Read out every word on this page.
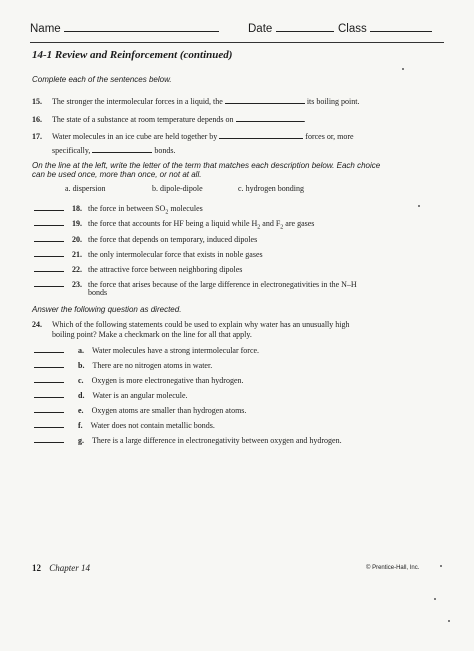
Name	Date	Class
14-1 Review and Reinforcement (continued)
Complete each of the sentences below.
15. The stronger the intermolecular forces in a liquid, the	its boiling point.
16. The state of a substance at room temperature depends on	.
17. Water molecules in an ice cube are held together by	forces or, more
specifically,	bonds.
On the line at the left, write the letter of the term that matches each description below. Each choice
can be used once, more than once, or not at all.
a. dispersion	b. dipole-dipole	c. hydrogen bonding
18. the force in between $SO_2$ molecules
19. the force that accounts for HF being a liquid while $H_2$ and $F_2$ are gases
20. the force that depends on temporary, induced dipoles
21. the only intermolecular force that exists in noble gases
22. the attractive force between neighboring dipoles
23. the force that arises because of the large difference in electronegativities in the N–H
bonds
Answer the following question as directed.
24. Which of the following statements could be used to explain why water has an unusually high
boiling point? Make a checkmark on the line for all that apply.
a. Water molecules have a strong intermolecular force.
b. There are no nitrogen atoms in water.
c. Oxygen is more electronegative than hydrogen.
d. Water is an angular molecule.
e. Oxygen atoms are smaller than hydrogen atoms.
f. Water does not contain metallic bonds.
g. There is a large difference in electronegativity between oxygen and hydrogen.
12 Chapter 14	© Prentice-Hall, Inc.
